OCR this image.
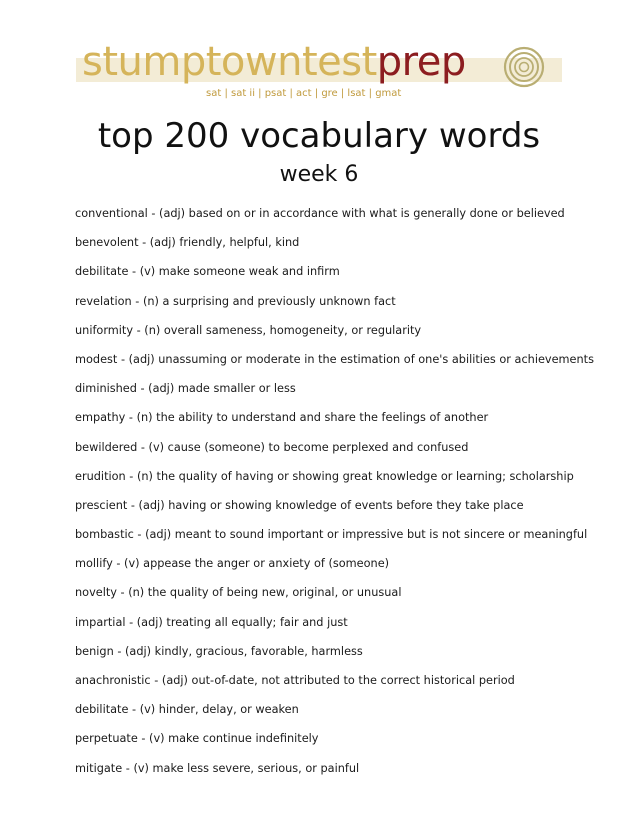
stumptowntestprep
sat | sat ii | psat | act | gre | lsat | gmat
top 200 vocabulary words
week 6
conventional - (adj) based on or in accordance with what is generally done or believed
benevolent - (adj) friendly, helpful, kind
debilitate - (v) make someone weak and infirm
revelation - (n) a surprising and previously unknown fact
uniformity - (n) overall sameness, homogeneity, or regularity
modest - (adj) unassuming or moderate in the estimation of one's abilities or achievements
diminished - (adj) made smaller or less
empathy - (n) the ability to understand and share the feelings of another
bewildered - (v) cause (someone) to become perplexed and confused
erudition - (n) the quality of having or showing great knowledge or learning; scholarship
prescient - (adj) having or showing knowledge of events before they take place
bombastic - (adj) meant to sound important or impressive but is not sincere or meaningful
mollify - (v) appease the anger or anxiety of (someone)
novelty - (n) the quality of being new, original, or unusual
impartial - (adj) treating all equally; fair and just
benign - (adj) kindly, gracious, favorable, harmless
anachronistic - (adj) out-of-date, not attributed to the correct historical period
debilitate - (v) hinder, delay, or weaken
perpetuate - (v) make continue indefinitely
mitigate - (v) make less severe, serious, or painful
